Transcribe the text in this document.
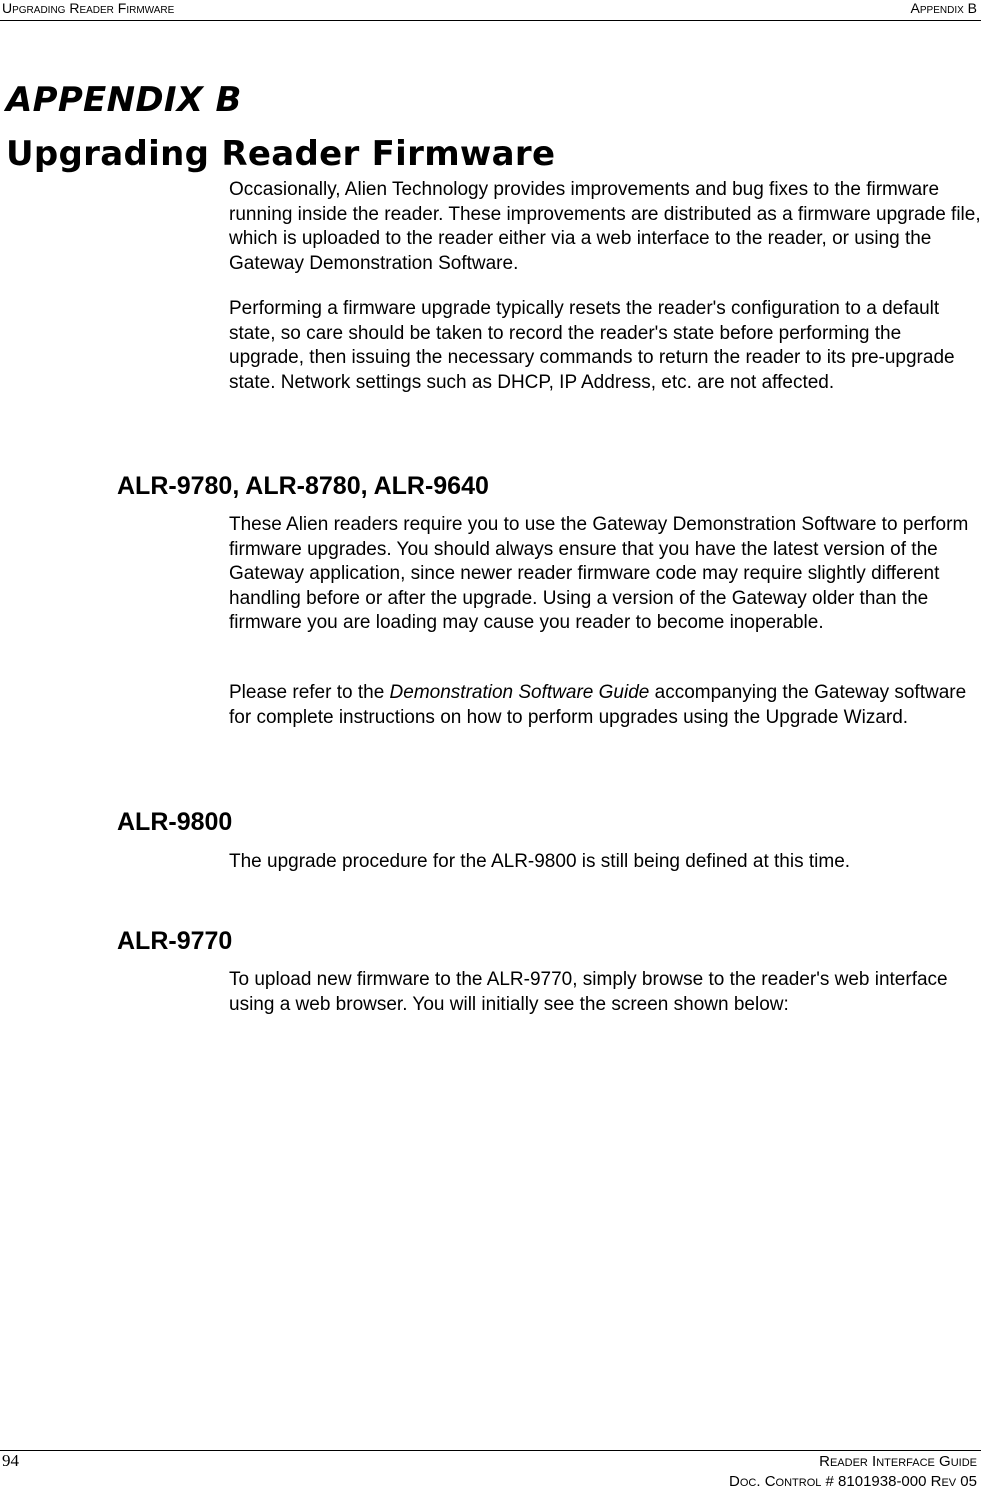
Upgrading Reader Firmware	Appendix B
APPENDIX B
Upgrading Reader Firmware

Occasionally, Alien Technology provides improvements and bug fixes to the firmware running inside the reader. These improvements are distributed as a firmware upgrade file, which is uploaded to the reader either via a web interface to the reader, or using the Gateway Demonstration Software.

Performing a firmware upgrade typically resets the reader's configuration to a default state, so care should be taken to record the reader's state before performing the upgrade, then issuing the necessary commands to return the reader to its pre-upgrade state. Network settings such as DHCP, IP Address, etc. are not affected.

ALR-9780, ALR-8780, ALR-9640

These Alien readers require you to use the Gateway Demonstration Software to perform firmware upgrades. You should always ensure that you have the latest version of the Gateway application, since newer reader firmware code may require slightly different handling before or after the upgrade. Using a version of the Gateway older than the firmware you are loading may cause you reader to become inoperable.

Please refer to the Demonstration Software Guide accompanying the Gateway software for complete instructions on how to perform upgrades using the Upgrade Wizard.

ALR-9800

The upgrade procedure for the ALR-9800 is still being defined at this time.

ALR-9770

To upload new firmware to the ALR-9770, simply browse to the reader's web interface using a web browser. You will initially see the screen shown below:

94	Reader Interface Guide
Doc. Control # 8101938-000 Rev 05
